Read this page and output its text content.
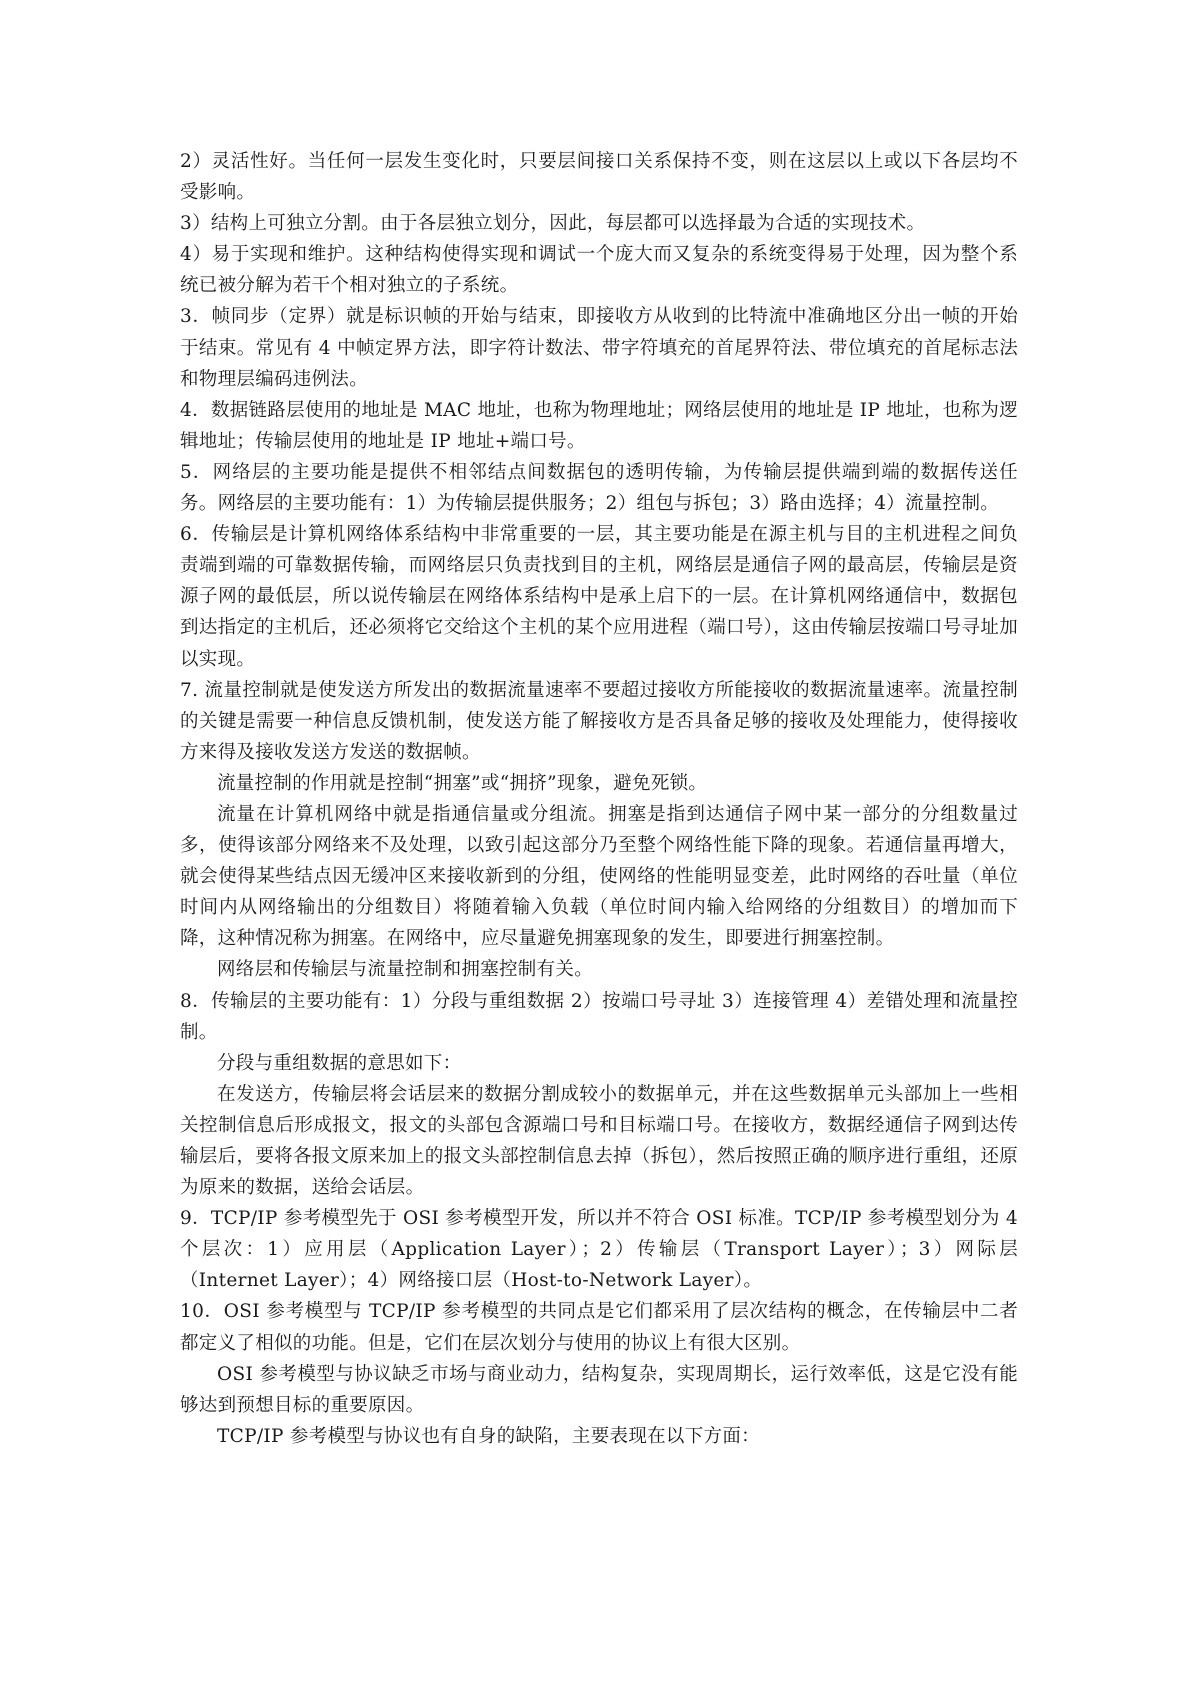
2）灵活性好。当任何一层发生变化时，只要层间接口关系保持不变，则在这层以上或以下各层均不受影响。

3）结构上可独立分割。由于各层独立划分，因此，每层都可以选择最为合适的实现技术。

4）易于实现和维护。这种结构使得实现和调试一个庞大而又复杂的系统变得易于处理，因为整个系统已被分解为若干个相对独立的子系统。

3．帧同步（定界）就是标识帧的开始与结束，即接收方从收到的比特流中准确地区分出一帧的开始于结束。常见有 4 中帧定界方法，即字符计数法、带字符填充的首尾界符法、带位填充的首尾标志法和物理层编码违例法。

4．数据链路层使用的地址是 MAC 地址，也称为物理地址；网络层使用的地址是 IP 地址，也称为逻辑地址；传输层使用的地址是 IP 地址+端口号。

5．网络层的主要功能是提供不相邻结点间数据包的透明传输，为传输层提供端到端的数据传送任务。网络层的主要功能有：1）为传输层提供服务；2）组包与拆包；3）路由选择；4）流量控制。

6．传输层是计算机网络体系结构中非常重要的一层，其主要功能是在源主机与目的主机进程之间负责端到端的可靠数据传输，而网络层只负责找到目的主机，网络层是通信子网的最高层，传输层是资源子网的最低层，所以说传输层在网络体系结构中是承上启下的一层。在计算机网络通信中，数据包到达指定的主机后，还必须将它交给这个主机的某个应用进程（端口号），这由传输层按端口号寻址加以实现。

7. 流量控制就是使发送方所发出的数据流量速率不要超过接收方所能接收的数据流量速率。流量控制的关键是需要一种信息反馈机制，使发送方能了解接收方是否具备足够的接收及处理能力，使得接收方来得及接收发送方发送的数据帧。

流量控制的作用就是控制“拥塞”或“拥挤”现象，避免死锁。

流量在计算机网络中就是指通信量或分组流。拥塞是指到达通信子网中某一部分的分组数量过多，使得该部分网络来不及处理，以致引起这部分乃至整个网络性能下降的现象。若通信量再增大，就会使得某些结点因无缓冲区来接收新到的分组，使网络的性能明显变差，此时网络的吞吐量（单位时间内从网络输出的分组数目）将随着输入负载（单位时间内输入给网络的分组数目）的增加而下降，这种情况称为拥塞。在网络中，应尽量避免拥塞现象的发生，即要进行拥塞控制。

网络层和传输层与流量控制和拥塞控制有关。

8．传输层的主要功能有：1）分段与重组数据 2）按端口号寻址 3）连接管理 4）差错处理和流量控制。

分段与重组数据的意思如下：

在发送方，传输层将会话层来的数据分割成较小的数据单元，并在这些数据单元头部加上一些相关控制信息后形成报文，报文的头部包含源端口号和目标端口号。在接收方，数据经通信子网到达传输层后，要将各报文原来加上的报文头部控制信息去掉（拆包），然后按照正确的顺序进行重组，还原为原来的数据，送给会话层。

9．TCP/IP 参考模型先于 OSI 参考模型开发，所以并不符合 OSI 标准。TCP/IP 参考模型划分为 4 个层次：1）应用层（Application Layer）；2）传输层（Transport Layer）；3）网际层（Internet Layer）；4）网络接口层（Host-to-Network Layer）。

10．OSI 参考模型与 TCP/IP 参考模型的共同点是它们都采用了层次结构的概念，在传输层中二者都定义了相似的功能。但是，它们在层次划分与使用的协议上有很大区别。

OSI 参考模型与协议缺乏市场与商业动力，结构复杂，实现周期长，运行效率低，这是它没有能够达到预想目标的重要原因。

TCP/IP 参考模型与协议也有自身的缺陷，主要表现在以下方面：
